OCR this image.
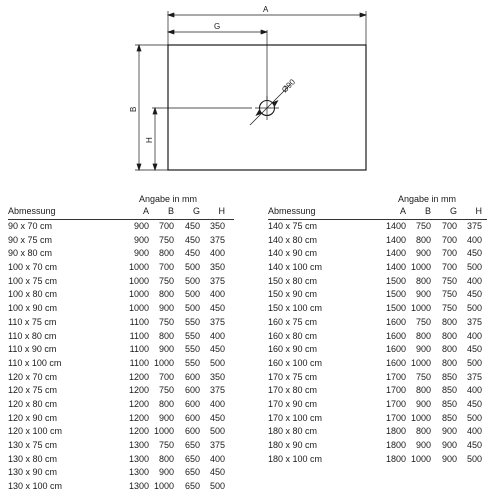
A
G
B
H
Ø90
Angabe in mm
Abmessung	A	B	G	H
90 x 70 cm	900	700	450	350
90 x 75 cm	900	750	450	375
90 x 80 cm	900	800	450	400
100 x 70 cm	1000	700	500	350
100 x 75 cm	1000	750	500	375
100 x 80 cm	1000	800	500	400
100 x 90 cm	1000	900	500	450
110 x 75 cm	1100	750	550	375
110 x 80 cm	1100	800	550	400
110 x 90 cm	1100	900	550	450
110 x 100 cm	1100 1000	550	500
120 x 70 cm	1200	700	600	350
120 x 75 cm	1200	750	600	375
120 x 80 cm	1200	800	600	400
120 x 90 cm	1200	900	600	450
120 x 100 cm	1200 1000	600	500
130 x 75 cm	1300	750	650	375
130 x 80 cm	1300	800	650	400
130 x 90 cm	1300	900	650	450
130 x 100 cm	1300 1000	650	500
Angabe in mm
Abmessung	A	B	G	H
140 x 75 cm	1400	750	700	375
140 x 80 cm	1400	800	700	400
140 x 90 cm	1400	900	700	450
140 x 100 cm	1400 1000	700	500
150 x 80 cm	1500	800	750	400
150 x 90 cm	1500	900	750	450
150 x 100 cm	1500 1000	750	500
160 x 75 cm	1600	750	800	375
160 x 80 cm	1600	800	800	400
160 x 90 cm	1600	900	800	450
160 x 100 cm	1600 1000	800	500
170 x 75 cm	1700	750	850	375
170 x 80 cm	1700	800	850	400
170 x 90 cm	1700	900	850	450
170 x 100 cm	1700 1000	850	500
180 x 80 cm	1800	800	900	400
180 x 90 cm	1800	900	900	450
180 x 100 cm	1800 1000	900	500
